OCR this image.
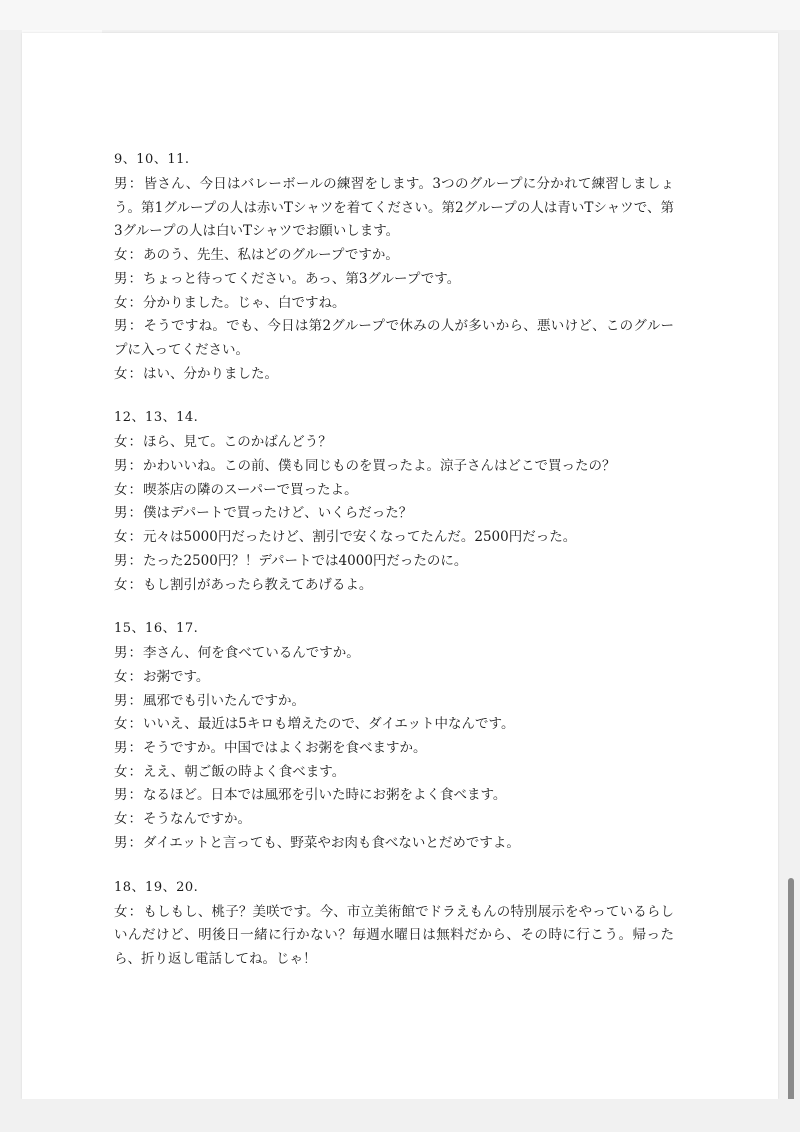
9、10、11.
男：皆さん、今日はバレーボールの練習をします。3つのグループに分かれて練習しましょう。第1グループの人は赤いTシャツを着てください。第2グループの人は青いTシャツで、第3グループの人は白いTシャツでお願いします。
女：あのう、先生、私はどのグループですか。
男：ちょっと待ってください。あっ、第3グループです。
女：分かりました。じゃ、白ですね。
男：そうですね。でも、今日は第2グループで休みの人が多いから、悪いけど、このグループに入ってください。
女：はい、分かりました。
12、13、14.
女：ほら、見て。このかばんどう？
男：かわいいね。この前、僕も同じものを買ったよ。涼子さんはどこで買ったの？
女：喫茶店の隣のスーパーで買ったよ。
男：僕はデパートで買ったけど、いくらだった？
女：元々は5000円だったけど、割引で安くなってたんだ。2500円だった。
男：たった2500円？！デパートでは4000円だったのに。
女：もし割引があったら教えてあげるよ。
15、16、17.
男：李さん、何を食べているんですか。
女：お粥です。
男：風邪でも引いたんですか。
女：いいえ、最近は5キロも増えたので、ダイエット中なんです。
男：そうですか。中国ではよくお粥を食べますか。
女：ええ、朝ご飯の時よく食べます。
男：なるほど。日本では風邪を引いた時にお粥をよく食べます。
女：そうなんですか。
男：ダイエットと言っても、野菜やお肉も食べないとだめですよ。
18、19、20.
女：もしもし、桃子？美咲です。今、市立美術館でドラえもんの特別展示をやっているらしいんだけど、明後日一緒に行かない？毎週水曜日は無料だから、その時に行こう。帰ったら、折り返し電話してね。じゃ！
